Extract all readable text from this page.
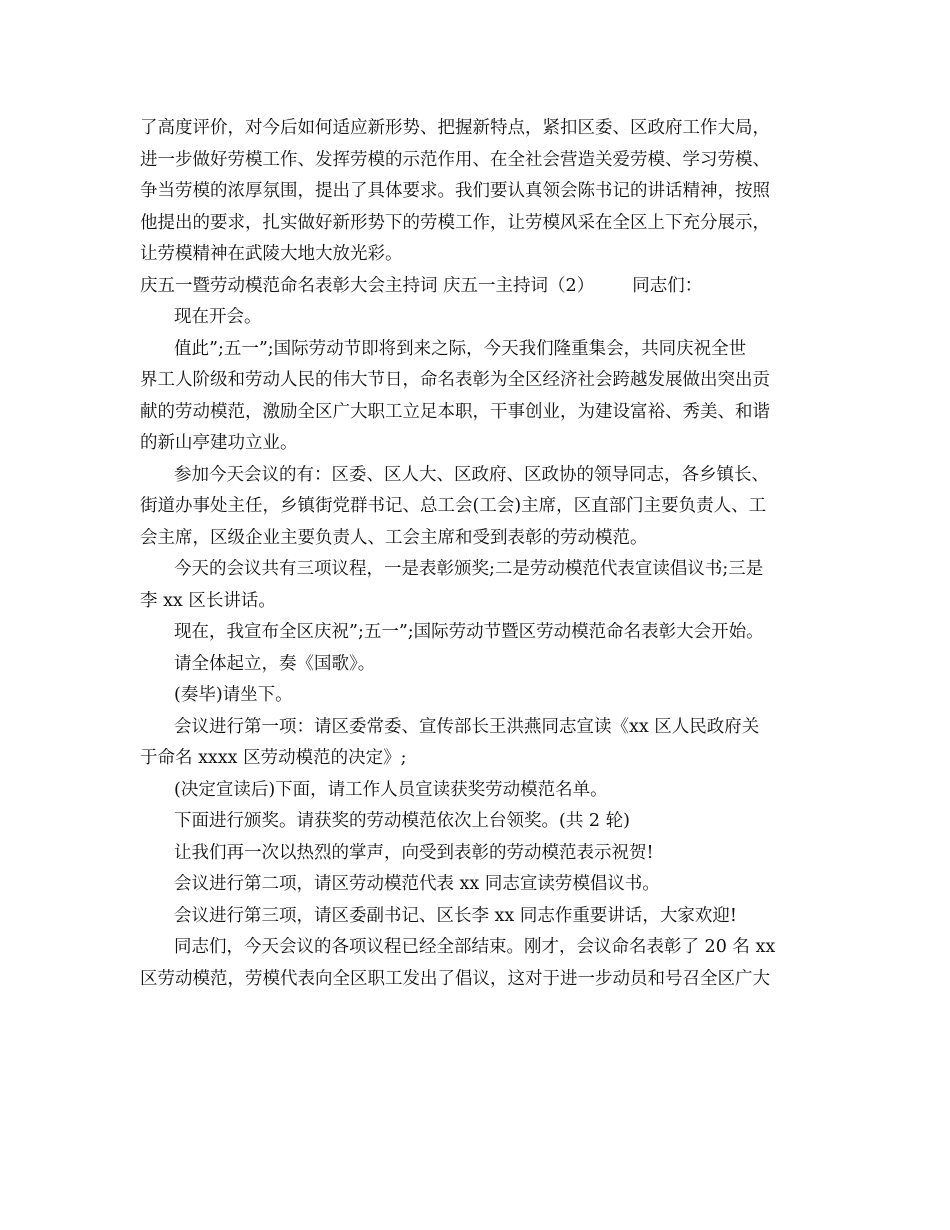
了高度评价，对今后如何适应新形势、把握新特点，紧扣区委、区政府工作大局，
进一步做好劳模工作、发挥劳模的示范作用、在全社会营造关爱劳模、学习劳模、
争当劳模的浓厚氛围，提出了具体要求。我们要认真领会陈书记的讲话精神，按照
他提出的要求，扎实做好新形势下的劳模工作，让劳模风采在全区上下充分展示，
让劳模精神在武陵大地大放光彩。
庆五一暨劳动模范命名表彰大会主持词 庆五一主持词（2） 同志们：
现在开会。
值此”;五一”;国际劳动节即将到来之际，今天我们隆重集会，共同庆祝全世
界工人阶级和劳动人民的伟大节日，命名表彰为全区经济社会跨越发展做出突出贡
献的劳动模范，激励全区广大职工立足本职，干事创业，为建设富裕、秀美、和谐
的新山亭建功立业。
参加今天会议的有：区委、区人大、区政府、区政协的领导同志，各乡镇长、
街道办事处主任，乡镇街党群书记、总工会(工会)主席，区直部门主要负责人、工
会主席，区级企业主要负责人、工会主席和受到表彰的劳动模范。
今天的会议共有三项议程，一是表彰颁奖;二是劳动模范代表宣读倡议书;三是
李 xx 区长讲话。
现在，我宣布全区庆祝”;五一”;国际劳动节暨区劳动模范命名表彰大会开始。
请全体起立，奏《国歌》。
(奏毕)请坐下。
会议进行第一项：请区委常委、宣传部长王洪燕同志宣读《xx 区人民政府关
于命名 xxxx 区劳动模范的决定》;
(决定宣读后)下面，请工作人员宣读获奖劳动模范名单。
下面进行颁奖。请获奖的劳动模范依次上台领奖。(共 2 轮)
让我们再一次以热烈的掌声，向受到表彰的劳动模范表示祝贺!
会议进行第二项，请区劳动模范代表 xx 同志宣读劳模倡议书。
会议进行第三项，请区委副书记、区长李 xx 同志作重要讲话，大家欢迎!
同志们，今天会议的各项议程已经全部结束。刚才，会议命名表彰了 20 名 xx
区劳动模范，劳模代表向全区职工发出了倡议，这对于进一步动员和号召全区广大
